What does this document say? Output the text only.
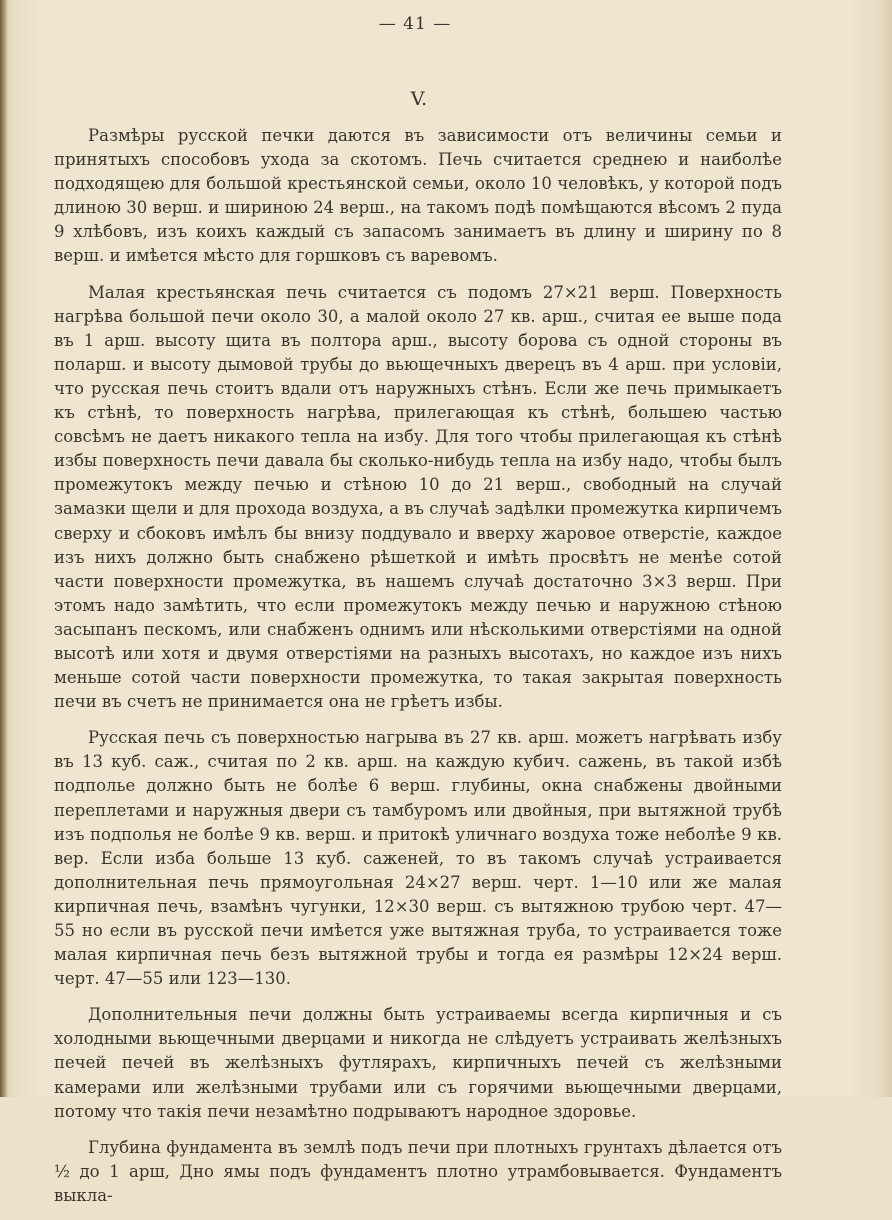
— 41 —
V.

Размѣры русской печки даются въ зависимости отъ величины семьи и принятыхъ способовъ ухода за скотомъ. Печь считается среднею и наиболѣе подходящею для большой крестьянской семьи, около 10 человѣкъ, у которой подъ длиною 30 верш. и шириною 24 верш., на такомъ подѣ помѣщаются вѣсомъ 2 пуда 9 хлѣбовъ, изъ коихъ каждый съ запасомъ занимаетъ въ длину и ширину по 8 верш. и имѣется мѣсто для горшковъ съ варевомъ.

Малая крестьянская печь считается съ подомъ 27×21 верш. Поверхность нагрѣва большой печи около 30, а малой около 27 кв. арш., считая ее выше пода въ 1 арш. высоту щита въ полтора арш., высоту борова съ одной стороны въ поларш. и высоту дымовой трубы до вьющечныхъ дверецъ въ 4 арш. при условіи, что русская печь стоитъ вдали отъ наружныхъ стѣнъ. Если же печь примыкаетъ къ стѣнѣ, то поверхность нагрѣва, прилегающая къ стѣнѣ, большею частью совсѣмъ не даетъ никакого тепла на избу. Для того чтобы прилегающая къ стѣнѣ избы поверхность печи давала бы сколько-нибудь тепла на избу надо, чтобы былъ промежутокъ между печью и стѣною 10 до 21 верш., свободный на случай замазки щели и для прохода воздуха, а въ случаѣ задѣлки промежутка кирпичемъ сверху и сбоковъ имѣлъ бы внизу поддувало и вверху жаровое отверстіе, каждое изъ нихъ должно быть снабжено рѣшеткой и имѣть просвѣтъ не менѣе сотой части поверхности промежутка, въ нашемъ случаѣ достаточно 3×3 верш. При этомъ надо замѣтить, что если промежутокъ между печью и наружною стѣною засыпанъ пескомъ, или снабженъ однимъ или нѣсколькими отверстіями на одной высотѣ или хотя и двумя отверстіями на разныхъ высотахъ, но каждое изъ нихъ меньше сотой части поверхности промежутка, то такая закрытая поверхность печи въ счетъ не принимается она не грѣетъ избы.

Русская печь съ поверхностью нагрыва въ 27 кв. арш. можетъ нагрѣвать избу въ 13 куб. саж., считая по 2 кв. арш. на каждую кубич. сажень, въ такой избѣ подполье должно быть не болѣе 6 верш. глубины, окна снабжены двойными переплетами и наружныя двери съ тамбуромъ или двойныя, при вытяжной трубѣ изъ подполья не болѣе 9 кв. верш. и притокѣ уличнаго воздуха тоже неболѣе 9 кв. вер. Если изба больше 13 куб. саженей, то въ такомъ случаѣ устраивается дополнительная печь прямоугольная 24×27 верш. черт. 1—10 или же малая кирпичная печь, взамѣнъ чугунки, 12×30 верш. съ вытяжною трубою черт. 47—55 но если въ русской печи имѣется уже вытяжная труба, то устраивается тоже малая кирпичная печь безъ вытяжной трубы и тогда ея размѣры 12×24 верш. черт. 47—55 или 123—130.

Дополнительныя печи должны быть устраиваемы всегда кирпичныя и съ холодными вьющечными дверцами и никогда не слѣдуетъ устраивать желѣзныхъ печей печей въ желѣзныхъ футлярахъ, кирпичныхъ печей съ желѣзными камерами или желѣзными трубами или съ горячими вьющечными дверцами, потому что такія печи незамѣтно подрываютъ народное здоровье.

Глубина фундамента въ землѣ подъ печи при плотныхъ грунтахъ дѣлается отъ ½ до 1 арш, Дно ямы подъ фундаментъ плотно утрамбовывается. Фундаментъ выкла-
